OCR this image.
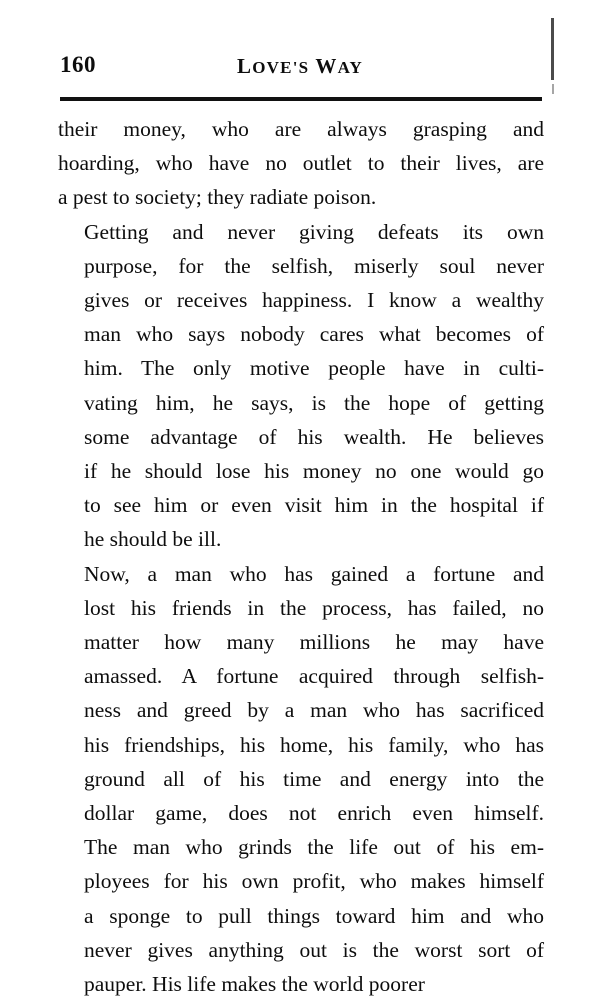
160	LOVE'S WAY

their money, who are always grasping and
hoarding, who have no outlet to their lives, are
a pest to society; they radiate poison.

Getting and never giving defeats its own
purpose, for the selfish, miserly soul never
gives or receives happiness. I know a wealthy
man who says nobody cares what becomes of
him. The only motive people have in culti-
vating him, he says, is the hope of getting
some advantage of his wealth. He believes
if he should lose his money no one would go
to see him or even visit him in the hospital if
he should be ill.

Now, a man who has gained a fortune and
lost his friends in the process, has failed, no
matter how many millions he may have
amassed. A fortune acquired through selfish-
ness and greed by a man who has sacrificed
his friendships, his home, his family, who has
ground all of his time and energy into the
dollar game, does not enrich even himself.
The man who grinds the life out of his em-
ployees for his own profit, who makes himself
a sponge to pull things toward him and who
never gives anything out is the worst sort of
pauper. His life makes the world poorer
